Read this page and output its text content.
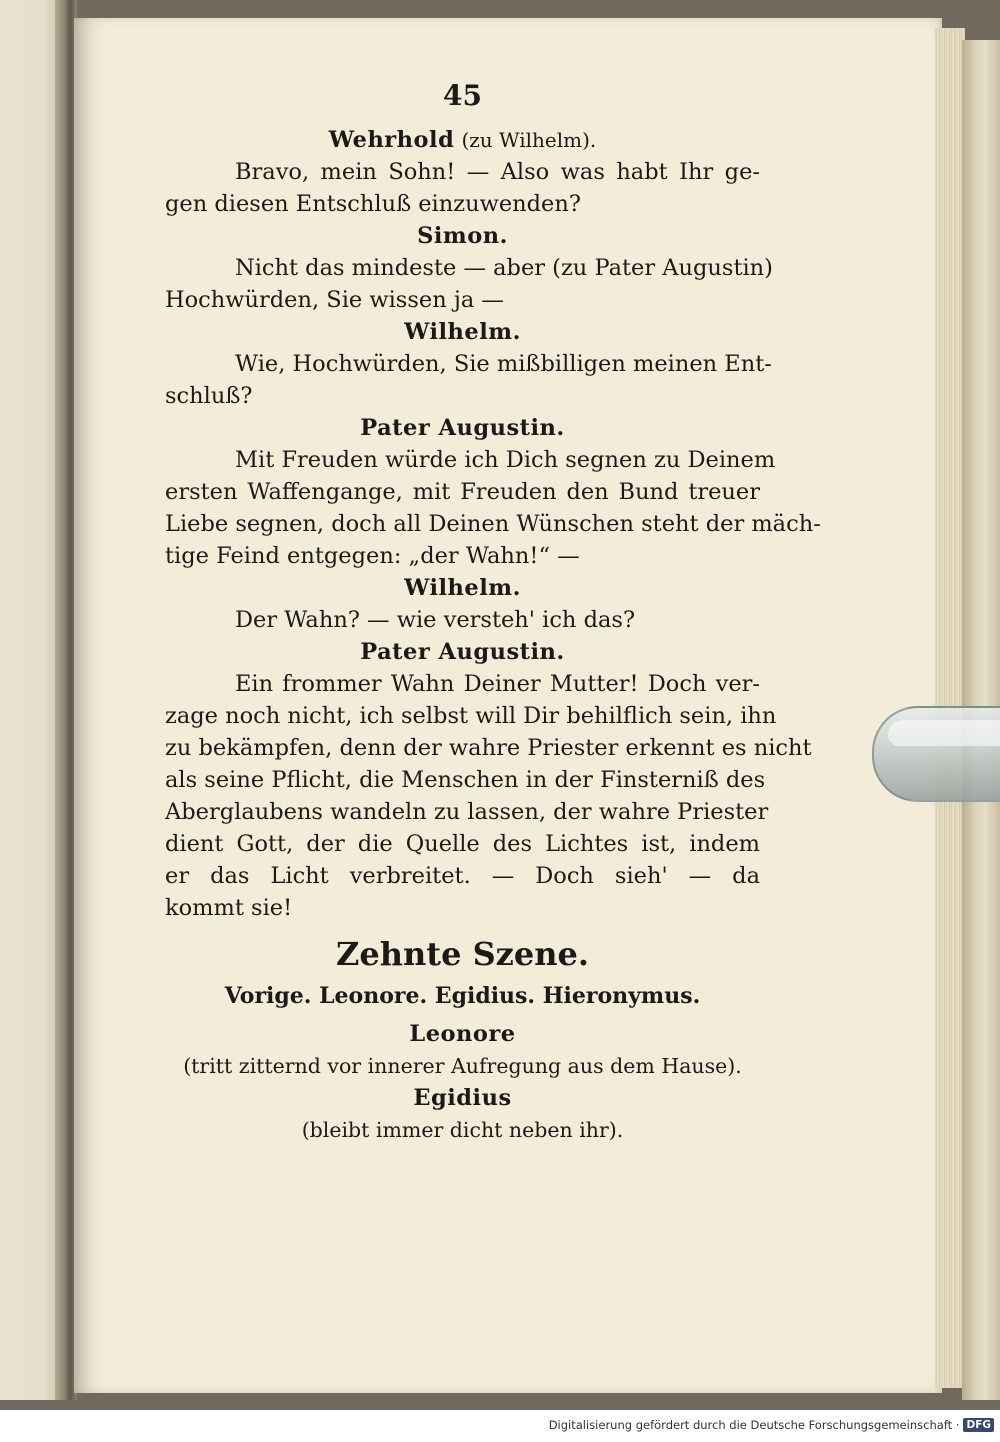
45
Wehrhold (zu Wilhelm).
Bravo, mein Sohn! — Also was habt Ihr ge-
gen diesen Entschluß einzuwenden?
Simon.
Nicht das mindeste — aber (zu Pater Augustin)
Hochwürden, Sie wissen ja —
Wilhelm.
Wie, Hochwürden, Sie mißbilligen meinen Ent-
schluß?
Pater Augustin.
Mit Freuden würde ich Dich segnen zu Deinem
ersten Waffengange, mit Freuden den Bund treuer
Liebe segnen, doch all Deinen Wünschen steht der mäch-
tige Feind entgegen: „der Wahn!“ —
Wilhelm.
Der Wahn? — wie versteh' ich das?
Pater Augustin.
Ein frommer Wahn Deiner Mutter! Doch ver-
zage noch nicht, ich selbst will Dir behilflich sein, ihn
zu bekämpfen, denn der wahre Priester erkennt es nicht
als seine Pflicht, die Menschen in der Finsterniß des
Aberglaubens wandeln zu lassen, der wahre Priester
dient Gott, der die Quelle des Lichtes ist, indem
er das Licht verbreitet. — Doch sieh' — da
kommt sie!
Zehnte Szene.
Vorige. Leonore. Egidius. Hieronymus.
Leonore
(tritt zitternd vor innerer Aufregung aus dem Hause).
Egidius
(bleibt immer dicht neben ihr).
Digitalisierung gefördert durch die Deutsche Forschungsgemeinschaft · DFG
